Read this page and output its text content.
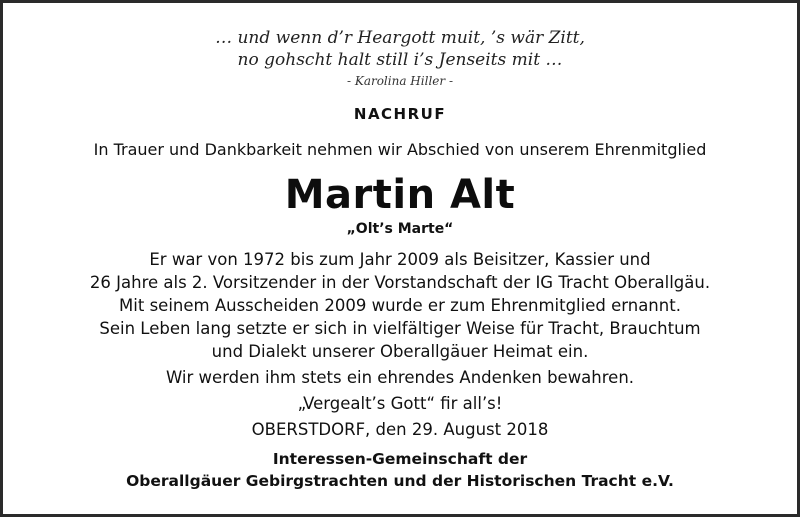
… und wenn d’r Heargott muit, ’s wär Zitt,
no gohscht halt still i’s Jenseits mit …
- Karolina Hiller -
NACHRUF
In Trauer und Dankbarkeit nehmen wir Abschied von unserem Ehrenmitglied
Martin Alt
„Olt’s Marte“
Er war von 1972 bis zum Jahr 2009 als Beisitzer, Kassier und
26 Jahre als 2. Vorsitzender in der Vorstandschaft der IG Tracht Oberallgäu.
Mit seinem Ausscheiden 2009 wurde er zum Ehrenmitglied ernannt.
Sein Leben lang setzte er sich in vielfältiger Weise für Tracht, Brauchtum
und Dialekt unserer Oberallgäuer Heimat ein.
Wir werden ihm stets ein ehrendes Andenken bewahren.
„Vergealt’s Gott“ fir all’s!
OBERSTDORF, den 29. August 2018
Interessen-Gemeinschaft der
Oberallgäuer Gebirgstrachten und der Historischen Tracht e.V.
